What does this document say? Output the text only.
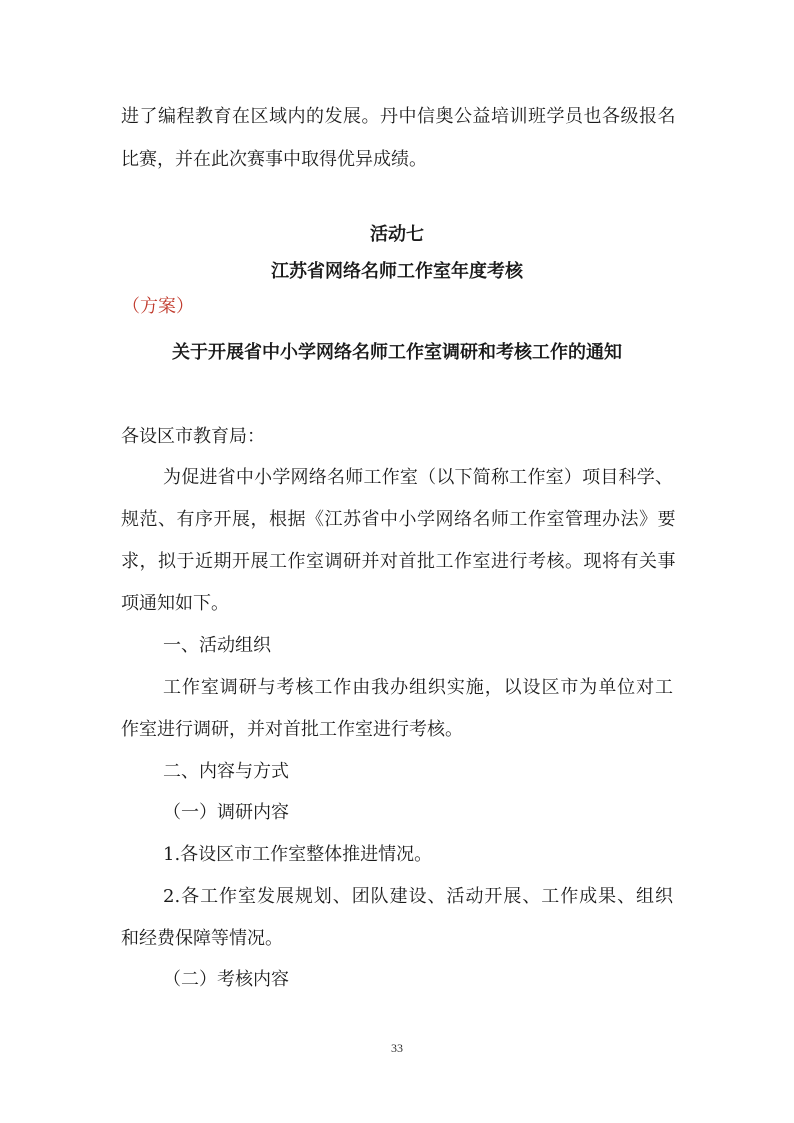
进了编程教育在区域内的发展。丹中信奥公益培训班学员也各级报名
比赛，并在此次赛事中取得优异成绩。
活动七
江苏省网络名师工作室年度考核
（方案）
关于开展省中小学网络名师工作室调研和考核工作的通知
各设区市教育局：
为促进省中小学网络名师工作室（以下简称工作室）项目科学、
规范、有序开展，根据《江苏省中小学网络名师工作室管理办法》要
求，拟于近期开展工作室调研并对首批工作室进行考核。现将有关事
项通知如下。
一、活动组织
工作室调研与考核工作由我办组织实施，以设区市为单位对工
作室进行调研，并对首批工作室进行考核。
二、内容与方式
（一）调研内容
1.各设区市工作室整体推进情况。
2.各工作室发展规划、团队建设、活动开展、工作成果、组织
和经费保障等情况。
（二）考核内容
33
